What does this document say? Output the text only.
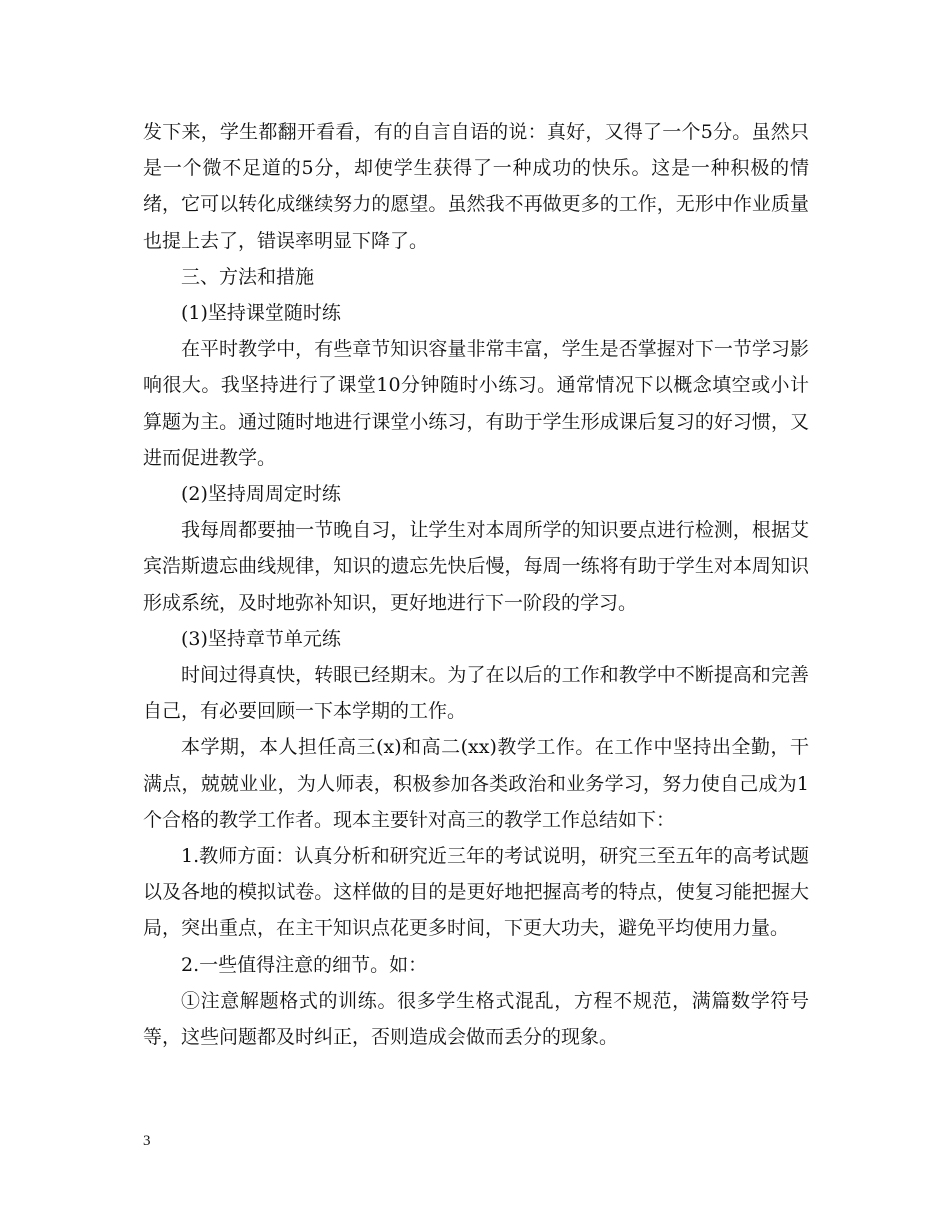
发下来，学生都翻开看看，有的自言自语的说：真好，又得了一个5分。虽然只是一个微不足道的5分，却使学生获得了一种成功的快乐。这是一种积极的情绪，它可以转化成继续努力的愿望。虽然我不再做更多的工作，无形中作业质量也提上去了，错误率明显下降了。

三、方法和措施

(1)坚持课堂随时练

在平时教学中，有些章节知识容量非常丰富，学生是否掌握对下一节学习影响很大。我坚持进行了课堂10分钟随时小练习。通常情况下以概念填空或小计算题为主。通过随时地进行课堂小练习，有助于学生形成课后复习的好习惯，又进而促进教学。

(2)坚持周周定时练

我每周都要抽一节晚自习，让学生对本周所学的知识要点进行检测，根据艾宾浩斯遗忘曲线规律，知识的遗忘先快后慢，每周一练将有助于学生对本周知识形成系统，及时地弥补知识，更好地进行下一阶段的学习。

(3)坚持章节单元练

时间过得真快，转眼已经期末。为了在以后的工作和教学中不断提高和完善自己，有必要回顾一下本学期的工作。

本学期，本人担任高三(x)和高二(xx)教学工作。在工作中坚持出全勤，干满点，兢兢业业，为人师表，积极参加各类政治和业务学习，努力使自己成为1个合格的教学工作者。现本主要针对高三的教学工作总结如下：

1.教师方面：认真分析和研究近三年的考试说明，研究三至五年的高考试题以及各地的模拟试卷。这样做的目的是更好地把握高考的特点，使复习能把握大局，突出重点，在主干知识点花更多时间，下更大功夫，避免平均使用力量。

2.一些值得注意的细节。如：

①注意解题格式的训练。很多学生格式混乱，方程不规范，满篇数学符号等，这些问题都及时纠正，否则造成会做而丢分的现象。

3
